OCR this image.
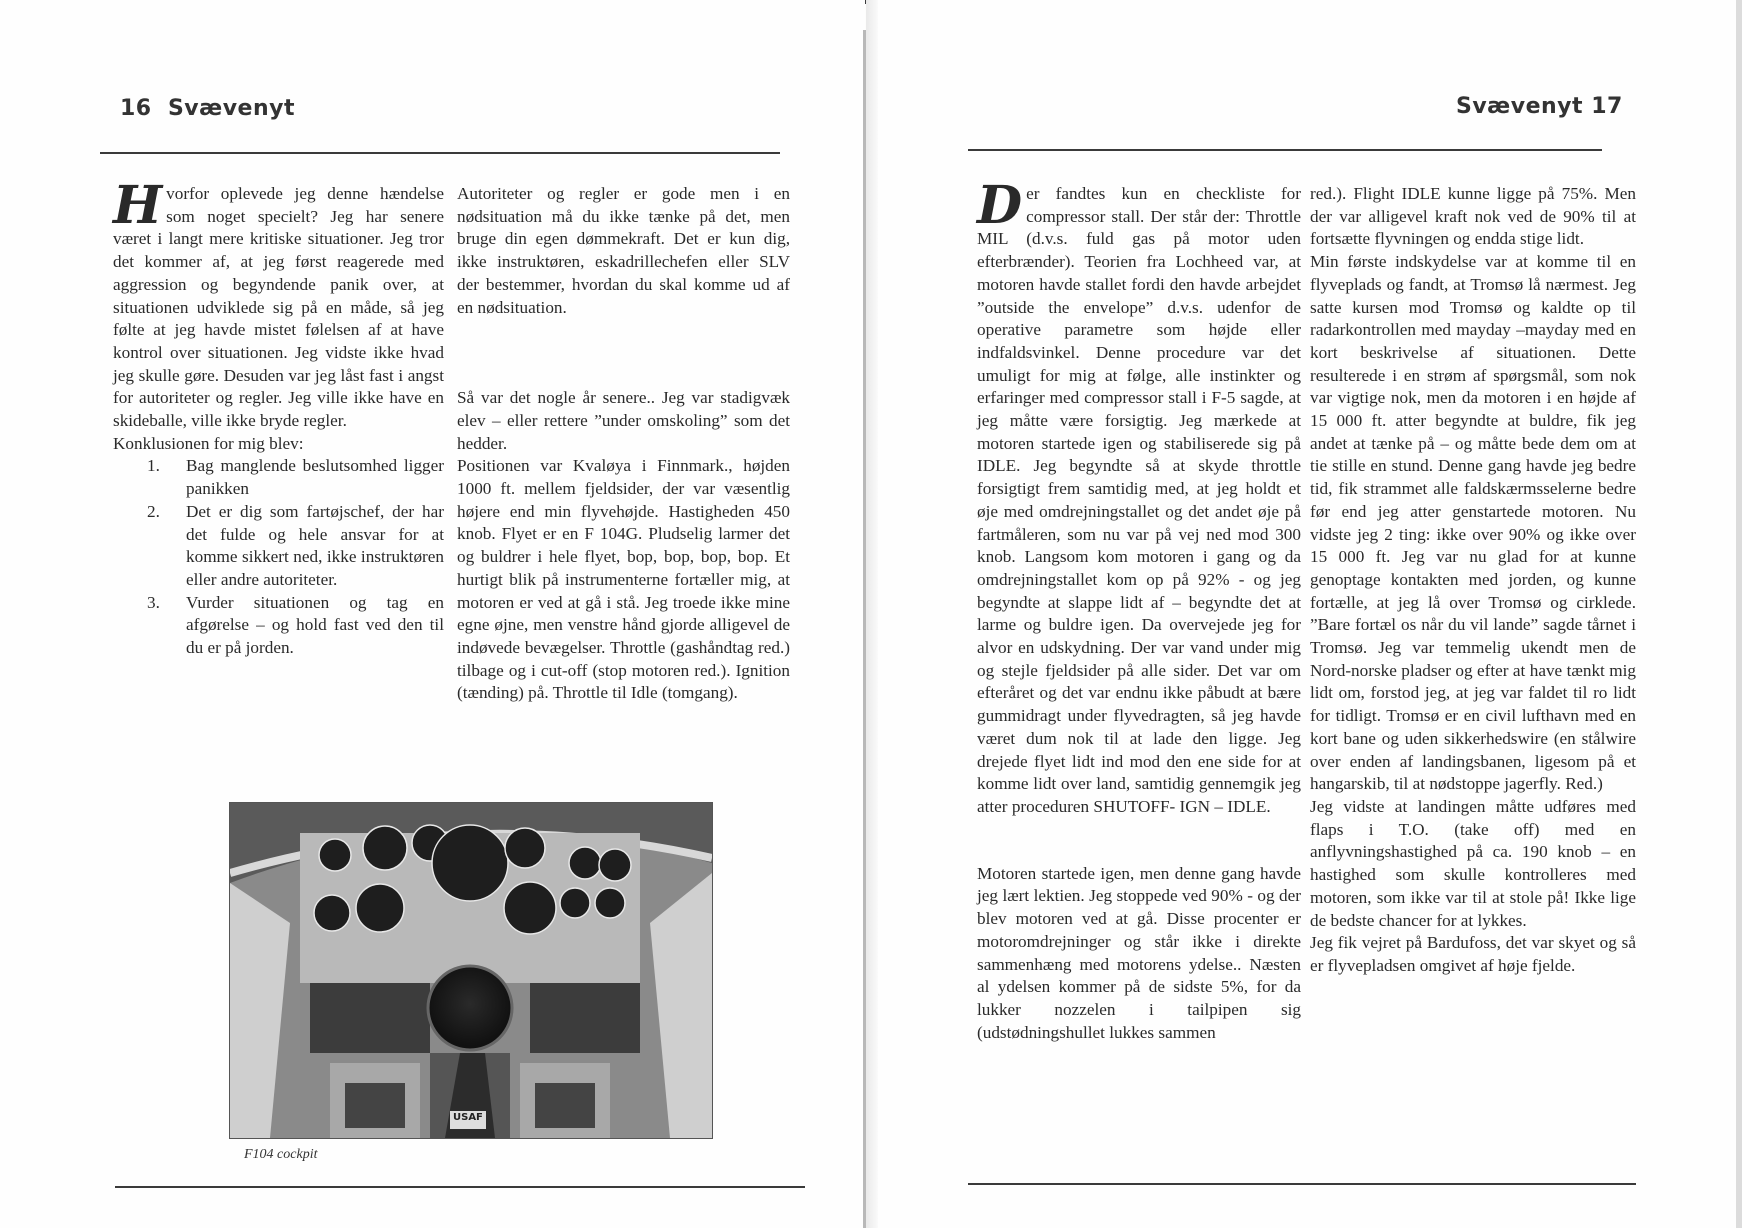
16 Svævenyt

Hvorfor oplevede jeg denne hændelse som noget specielt? Jeg har senere været i langt mere kritiske situationer. Jeg tror det kommer af, at jeg først reagerede med aggression og begyndende panik over, at situationen udviklede sig på en måde, så jeg følte at jeg havde mistet følelsen af at have kontrol over situationen. Jeg vidste ikke hvad jeg skulle gøre. Desuden var jeg låst fast i angst for autoriteter og regler. Jeg ville ikke have en skideballe, ville ikke bryde regler.

Konklusionen for mig blev:

1. Bag manglende beslutsomhed ligger panikken
2. Det er dig som fartøjschef, der har det fulde og hele ansvar for at komme sikkert ned, ikke instruktøren eller andre autoriteter.
3. Vurder situationen og tag en afgørelse – og hold fast ved den til du er på jorden.

Autoriteter og regler er gode men i en nødsituation må du ikke tænke på det, men bruge din egen dømmekraft. Det er kun dig, ikke instruktøren, eskadrillechefen eller SLV der bestemmer, hvordan du skal komme ud af en nødsituation.

Så var det nogle år senere.. Jeg var stadigvæk elev – eller rettere ”under omskoling” som det hedder.

Positionen var Kvaløya i Finnmark., højden 1000 ft. mellem fjeldsider, der var væsentlig højere end min flyvehøjde. Hastigheden 450 knob. Flyet er en F 104G. Pludselig larmer det og buldrer i hele flyet, bop, bop, bop, bop. Et hurtigt blik på instrumenterne fortæller mig, at motoren er ved at gå i stå. Jeg troede ikke mine egne øjne, men venstre hånd gjorde alligevel de indøvede bevægelser. Throttle (gashåndtag red.) tilbage og i cut-off (stop motoren red.). Ignition (tænding) på. Throttle til Idle (tomgang).

USAF
F104 cockpit
Svævenyt 17

Der fandtes kun en checkliste for compressor stall. Der står der: Throttle MIL (d.v.s. fuld gas på motor uden efterbrænder). Teorien fra Lochheed var, at motoren havde stallet fordi den havde arbejdet ”outside the envelope” d.v.s. udenfor de operative parametre som højde eller indfaldsvinkel. Denne procedure var det umuligt for mig at følge, alle instinkter og erfaringer med compressor stall i F-5 sagde, at jeg måtte være forsigtig. Jeg mærkede at motoren startede igen og stabiliserede sig på IDLE. Jeg begyndte så at skyde throttle forsigtigt frem samtidig med, at jeg holdt et øje med omdrejningstallet og det andet øje på fartmåleren, som nu var på vej ned mod 300 knob. Langsom kom motoren i gang og da omdrejningstallet kom op på 92% - og jeg begyndte at slappe lidt af – begyndte det at larme og buldre igen. Da overvejede jeg for alvor en udskydning. Der var vand under mig og stejle fjeldsider på alle sider. Det var om efteråret og det var endnu ikke påbudt at bære gummidragt under flyvedragten, så jeg havde været dum nok til at lade den ligge. Jeg drejede flyet lidt ind mod den ene side for at komme lidt over land, samtidig gennemgik jeg atter proceduren SHUTOFF- IGN – IDLE.

Motoren startede igen, men denne gang havde jeg lært lektien. Jeg stoppede ved 90% - og der blev motoren ved at gå. Disse procenter er motoromdrejninger og står ikke i direkte sammenhæng med motorens ydelse.. Næsten al ydelsen kommer på de sidste 5%, for da lukker nozzelen i tailpipen sig (udstødningshullet lukkes sammen

red.). Flight IDLE kunne ligge på 75%. Men der var alligevel kraft nok ved de 90% til at fortsætte flyvningen og endda stige lidt.

Min første indskydelse var at komme til en flyveplads og fandt, at Tromsø lå nærmest. Jeg satte kursen mod Tromsø og kaldte op til radarkontrollen med mayday –mayday med en kort beskrivelse af situationen. Dette resulterede i en strøm af spørgsmål, som nok var vigtige nok, men da motoren i en højde af 15 000 ft. atter begyndte at buldre, fik jeg andet at tænke på – og måtte bede dem om at tie stille en stund. Denne gang havde jeg bedre tid, fik strammet alle faldskærmsselerne bedre før end jeg atter genstartede motoren. Nu vidste jeg 2 ting: ikke over 90% og ikke over 15 000 ft. Jeg var nu glad for at kunne genoptage kontakten med jorden, og kunne fortælle, at jeg lå over Tromsø og cirklede. ”Bare fortæl os når du vil lande” sagde tårnet i Tromsø. Jeg var temmelig ukendt men de Nord-norske pladser og efter at have tænkt mig lidt om, forstod jeg, at jeg var faldet til ro lidt for tidligt. Tromsø er en civil lufthavn med en kort bane og uden sikkerhedswire (en stålwire over enden af landingsbanen, ligesom på et hangarskib, til at nødstoppe jagerfly. Red.)

Jeg vidste at landingen måtte udføres med flaps i T.O. (take off) med en anflyvningshastighed på ca. 190 knob – en hastighed som skulle kontrolleres med motoren, som ikke var til at stole på! Ikke lige de bedste chancer for at lykkes.

Jeg fik vejret på Bardufoss, det var skyet og så er flyvepladsen omgivet af høje fjelde.
